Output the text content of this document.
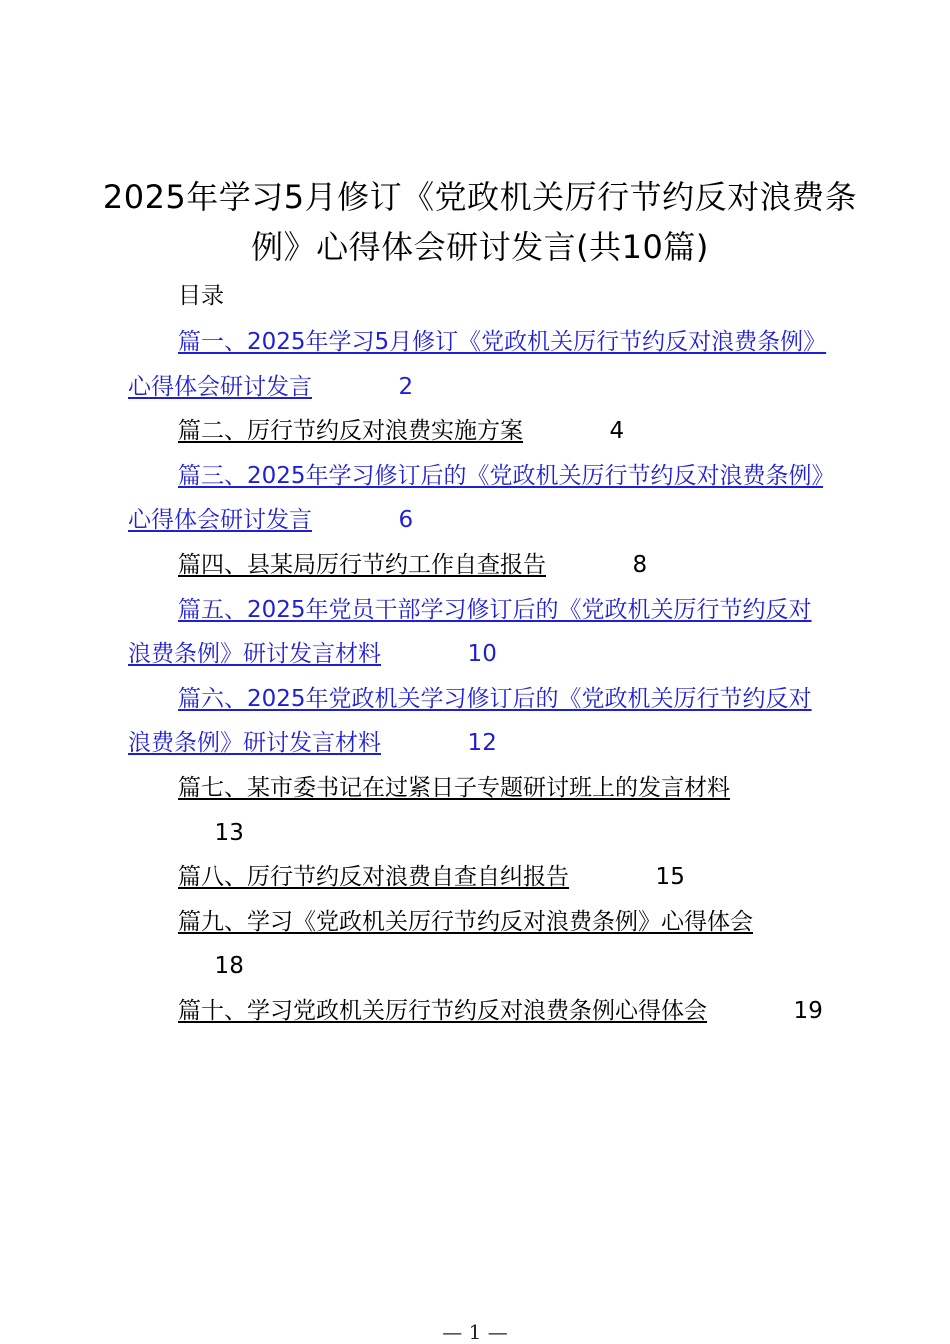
2025年学习5月修订《党政机关厉行节约反对浪费条例》心得体会研讨发言(共10篇)
目录
篇一、2025年学习5月修订《党政机关厉行节约反对浪费条例》心得体会研讨发言     2
篇二、厉行节约反对浪费实施方案     4
篇三、2025年学习修订后的《党政机关厉行节约反对浪费条例》心得体会研讨发言     6
篇四、县某局厉行节约工作自查报告     8
篇五、2025年党员干部学习修订后的《党政机关厉行节约反对浪费条例》研讨发言材料     10
篇六、2025年党政机关学习修订后的《党政机关厉行节约反对浪费条例》研讨发言材料     12
篇七、某市委书记在过紧日子专题研讨班上的发言材料     13
篇八、厉行节约反对浪费自查自纠报告     15
篇九、学习《党政机关厉行节约反对浪费条例》心得体会     18
篇十、学习党政机关厉行节约反对浪费条例心得体会     19
— 1 —
